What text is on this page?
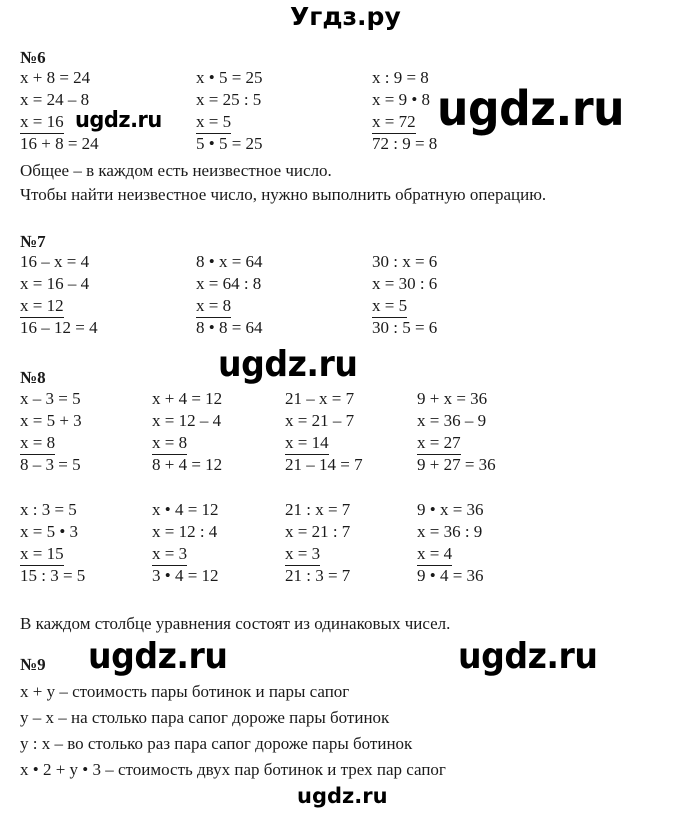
Угдз.ру
ugdz.ru	ugdz.ru
ugdz.ru
ugdz.ru	ugdz.ru
ugdz.ru
№6
x + 8 = 24
x = 24 – 8
x = 16
16 + 8 = 24
x • 5 = 25
x = 25 : 5
x = 5
5 • 5 = 25
x : 9 = 8
x = 9 • 8
x = 72
72 : 9 = 8
Общее – в каждом есть неизвестное число.
Чтобы найти неизвестное число, нужно выполнить обратную операцию.
№7
16 – x = 4
x = 16 – 4
x = 12
16 – 12 = 4
8 • x = 64
x = 64 : 8
x = 8
8 • 8 = 64
30 : x = 6
x = 30 : 6
x = 5
30 : 5 = 6
№8
x – 3 = 5
x = 5 + 3
x = 8
8 – 3 = 5
x + 4 = 12
x = 12 – 4
x = 8
8 + 4 = 12
21 – x = 7
x = 21 – 7
x = 14
21 – 14 = 7
9 + x = 36
x = 36 – 9
x = 27
9 + 27 = 36
x : 3 = 5
x = 5 • 3
x = 15
15 : 3 = 5
x • 4 = 12
x = 12 : 4
x = 3
3 • 4 = 12
21 : x = 7
x = 21 : 7
x = 3
21 : 3 = 7
9 • x = 36
x = 36 : 9
x = 4
9 • 4 = 36
В каждом столбце уравнения состоят из одинаковых чисел.
№9
x + y – стоимость пары ботинок и пары сапог
y – x – на столько пара сапог дороже пары ботинок
y : x – во столько раз пара сапог дороже пары ботинок
x • 2 + y • 3 – стоимость двух пар ботинок и трех пар сапог
